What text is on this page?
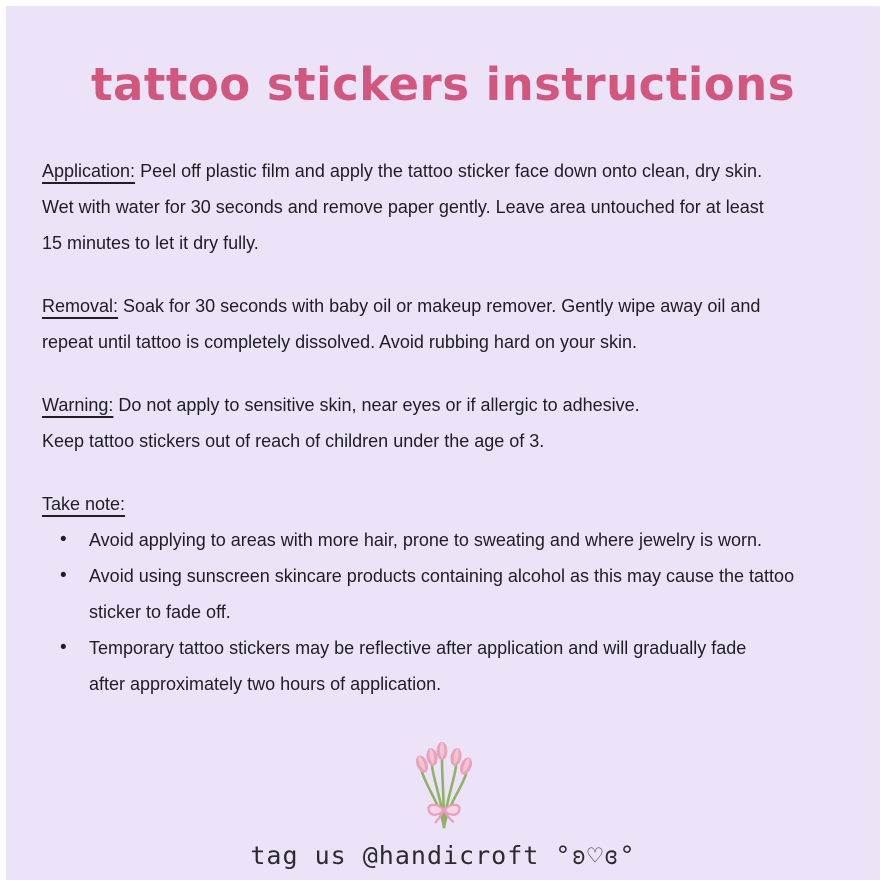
tattoo stickers instructions

Application: Peel off plastic film and apply the tattoo sticker face down onto clean, dry skin.
Wet with water for 30 seconds and remove paper gently. Leave area untouched for at least
15 minutes to let it dry fully.

Removal: Soak for 30 seconds with baby oil or makeup remover. Gently wipe away oil and
repeat until tattoo is completely dissolved. Avoid rubbing hard on your skin.

Warning: Do not apply to sensitive skin, near eyes or if allergic to adhesive.
Keep tattoo stickers out of reach of children under the age of 3.

Take note:
• Avoid applying to areas with more hair, prone to sweating and where jewelry is worn.
• Avoid using sunscreen skincare products containing alcohol as this may cause the tattoo
sticker to fade off.
• Temporary tattoo stickers may be reflective after application and will gradually fade
after approximately two hours of application.
tag us @handicroft °ʚ♡ɞ°
